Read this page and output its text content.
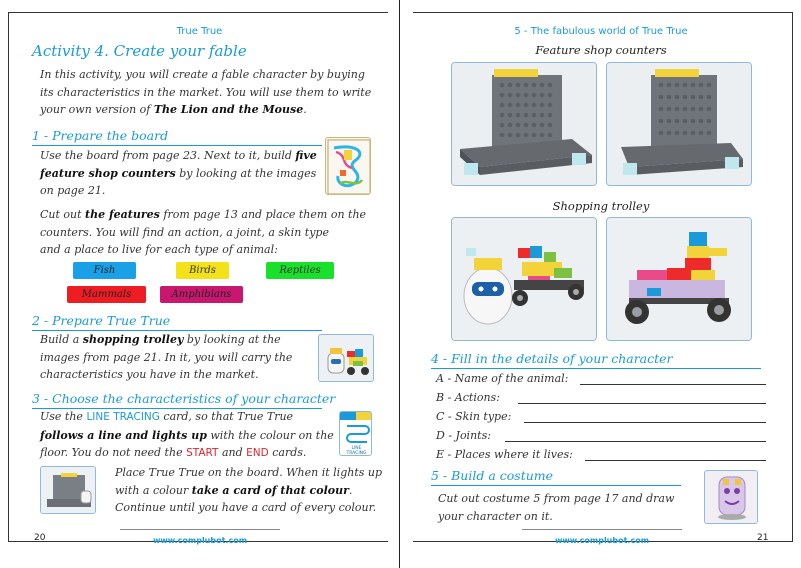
True True
Activity 4. Create your fable
In this activity, you will create a fable character by buying
its characteristics in the market. You will use them to write
your own version of The Lion and the Mouse.
1 - Prepare the board
Use the board from page 23. Next to it, build five
feature shop counters by looking at the images
on page 21.
Cut out the features from page 13 and place them on the
counters. You will find an action, a joint, a skin type
and a place to live for each type of animal:
Fish	Birds	Reptiles
Mammals	Amphibians
2 - Prepare True True
Build a shopping trolley by looking at the
images from page 21. In it, you will carry the
characteristics you have in the market.
3 - Choose the characteristics of your character
Use the LINE TRACING card, so that True True
follows a line and lights up with the colour on the
floor. You do not need the START and END cards.	LINE TRACING
Place True True on the board. When it lights up
with a colour take a card of that colour.
Continue until you have a card of every colour.
20	www.complubot.com
5 - The fabulous world of True True
Feature shop counters
Shopping trolley
4 - Fill in the details of your character
A - Name of the animal:
B - Actions:
C - Skin type:
D - Joints:
E - Places where it lives:
5 - Build a costume
Cut out costume 5 from page 17 and draw
your character on it.
www.complubot.com	21
